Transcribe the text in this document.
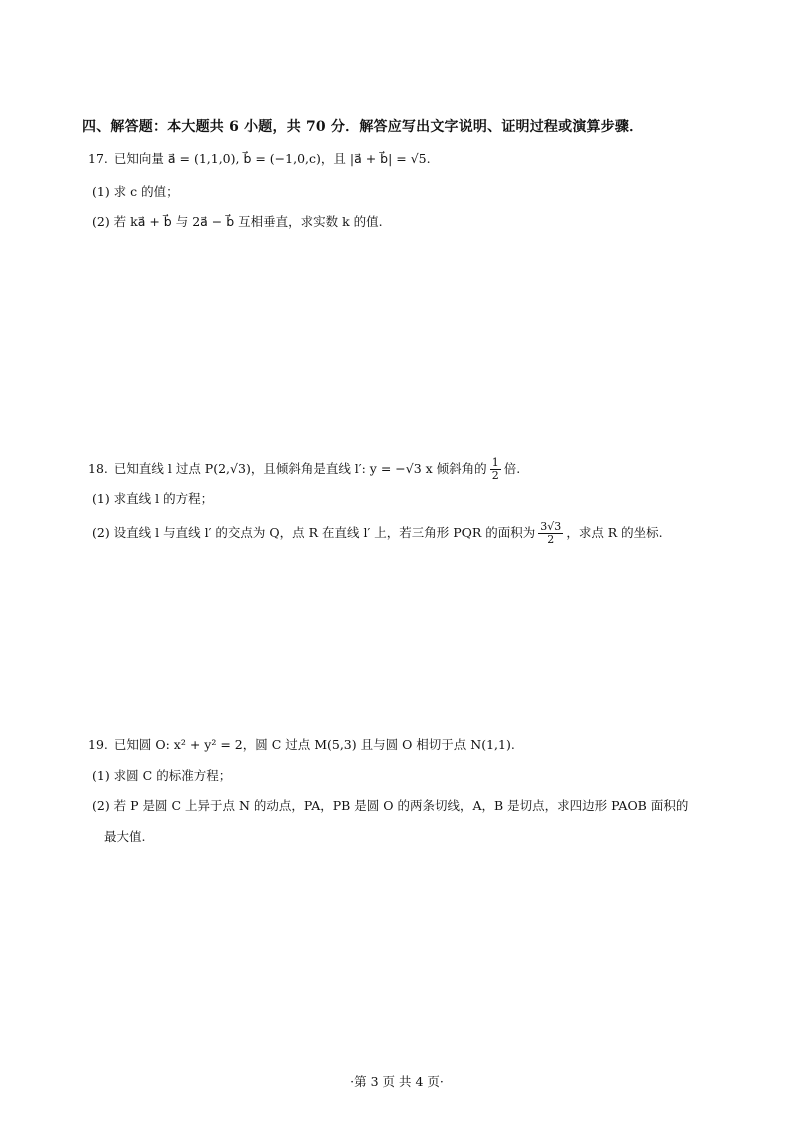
四、解答题：本大题共 6 小题，共 70 分．解答应写出文字说明、证明过程或演算步骤．
17. 已知向量 a⃗ = (1,1,0), b⃗ = (−1,0,c)，且 |a⃗ + b⃗| = √5.
(1) 求 c 的值；
(2) 若 ka⃗ + b⃗ 与 2a⃗ − b⃗ 互相垂直，求实数 k 的值.
18. 已知直线 l 过点 P(2,√3)，且倾斜角是直线 l′: y = −√3 x 倾斜角的 $\frac{1}{2}$ 倍.
(1) 求直线 l 的方程；
(2) 设直线 l 与直线 l′ 的交点为 Q，点 R 在直线 l′ 上，若三角形 PQR 的面积为 $\frac{3√3}{2}$ ，求点 R 的坐标.
19. 已知圆 O: x² + y² = 2，圆 C 过点 M(5,3) 且与圆 O 相切于点 N(1,1).
(1) 求圆 C 的标准方程；
(2) 若 P 是圆 C 上异于点 N 的动点，PA，PB 是圆 O 的两条切线，A，B 是切点，求四边形 PAOB 面积的
最大值.
·第 3 页 共 4 页·
